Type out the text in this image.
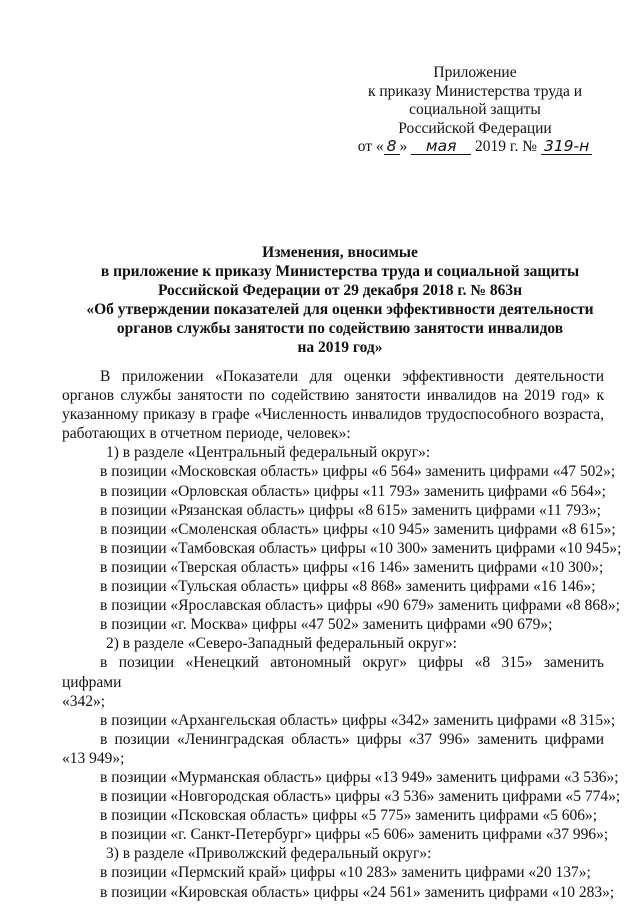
Приложение
к приказу Министерства труда и
социальной защиты
Российской Федерации
от « 8 » мая 2019 г. № 319-н
Изменения, вносимые
в приложение к приказу Министерства труда и социальной защиты
Российской Федерации от 29 декабря 2018 г. № 863н
«Об утверждении показателей для оценки эффективности деятельности
органов службы занятости по содействию занятости инвалидов
на 2019 год»

В приложении «Показатели для оценки эффективности деятельности органов службы занятости по содействию занятости инвалидов на 2019 год» к указанному приказу в графе «Численность инвалидов трудоспособного возраста, работающих в отчетном периоде, человек»:

1) в разделе «Центральный федеральный округ»:

в позиции «Московская область» цифры «6 564» заменить цифрами «47 502»;

в позиции «Орловская область» цифры «11 793» заменить цифрами «6 564»;

в позиции «Рязанская область» цифры «8 615» заменить цифрами «11 793»;

в позиции «Смоленская область» цифры «10 945» заменить цифрами «8 615»;

в позиции «Тамбовская область» цифры «10 300» заменить цифрами «10 945»;

в позиции «Тверская область» цифры «16 146» заменить цифрами «10 300»;

в позиции «Тульская область» цифры «8 868» заменить цифрами «16 146»;

в позиции «Ярославская область» цифры «90 679» заменить цифрами «8 868»;

в позиции «г. Москва» цифры «47 502» заменить цифрами «90 679»;

2) в разделе «Северо-Западный федеральный округ»:

в позиции «Ненецкий автономный округ» цифры «8 315» заменить цифрами

«342»;

в позиции «Архангельская область» цифры «342» заменить цифрами «8 315»;

в позиции «Ленинградская область» цифры «37 996» заменить цифрами

«13 949»;

в позиции «Мурманская область» цифры «13 949» заменить цифрами «3 536»;

в позиции «Новгородская область» цифры «3 536» заменить цифрами «5 774»;

в позиции «Псковская область» цифры «5 775» заменить цифрами «5 606»;

в позиции «г. Санкт-Петербург» цифры «5 606» заменить цифрами «37 996»;

3) в разделе «Приволжский федеральный округ»:

в позиции «Пермский край» цифры «10 283» заменить цифрами «20 137»;

в позиции «Кировская область» цифры «24 561» заменить цифрами «10 283»;
